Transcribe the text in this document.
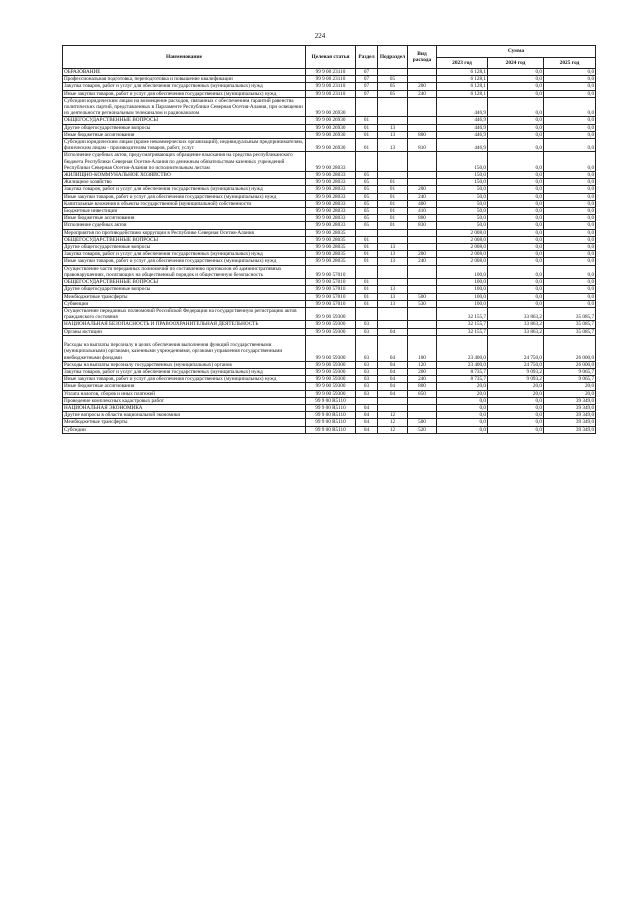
224
Наименование	Целевая статья	Раздел	Подраздел	Вид расхода	Сумма		
					2023 год	2024 год	2025 год
ОБРАЗОВАНИЕ	99 9 00 23110	07			6 128,1	0,0	0,0
Профессиональная подготовка, переподготовка и повышение квалификации	99 9 00 23110	07	05		6 128,1	0,0	0,0
Закупка товаров, работ и услуг для обеспечения государственных (муниципальных) нужд	99 9 00 23110	07	05	200	6 128,1	0,0	0,0
Иные закупки товаров, работ и услуг для обеспечения государственных (муниципальных) нужд	99 9 00 23110	07	05	240	6 128,1	0,0	0,0
Субсидии юридическим лицам на возмещение расходов, связанных с обеспечением гарантий равенства политических партий, представленных в Парламенте Республики Северная Осетия-Алания, при освещении их деятельности региональным телеканалом и радиоканалом	99 9 00 26930				446,9	0,0	0,0
ОБЩЕГОСУДАРСТВЕННЫЕ ВОПРОСЫ	99 9 00 26930	01			446,9	0,0	0,0
Другие общегосударственные вопросы	99 9 00 26930	01	13		446,9	0,0	0,0
Иные бюджетные ассигнования	99 9 00 26930	01	13	800	446,9	0,0	0,0
Субсидии юридическим лицам (кроме некоммерческих организаций), индивидуальным предпринимателям, физическим лицам - производителям товаров, работ, услуг	99 9 00 26930	01	13	810	446,9	0,0	0,0
Исполнение судебных актов, предусматривающих обращение взыскания на средства республиканского бюджета Республики Северная Осетия-Алания по денежным обязательствам казенных учреждений Республики Северная Осетия-Алания по исполнительным листам	99 9 00 28033				150,0	0,0	0,0
ЖИЛИЩНО-КОММУНАЛЬНОЕ ХОЗЯЙСТВО	99 9 00 28033	05			150,0	0,0	0,0
Жилищное хозяйство	99 9 00 28033	05	01		150,0	0,0	0,0
Закупка товаров, работ и услуг для обеспечения государственных (муниципальных) нужд	99 9 00 28033	05	01	200	50,0	0,0	0,0
Иные закупки товаров, работ и услуг для обеспечения государственных (муниципальных) нужд	99 9 00 28033	05	01	240	50,0	0,0	0,0
Капитальные вложения в объекты государственной (муниципальной) собственности	99 9 00 28033	05	01	400	50,0	0,0	0,0
Бюджетные инвестиции	99 9 00 28033	05	01	410	50,0	0,0	0,0
Иные бюджетные ассигнования	99 9 00 28033	05	01	800	50,0	0,0	0,0
Исполнение судебных актов	99 9 00 28033	05	01	830	50,0	0,0	0,0
Мероприятия по противодействию коррупции в Республике Северная Осетия-Алания	99 9 00 28035				2 008,0	0,0	0,0
ОБЩЕГОСУДАРСТВЕННЫЕ ВОПРОСЫ	99 9 00 28035	01			2 008,0	0,0	0,0
Другие общегосударственные вопросы	99 9 00 28035	01	13		2 008,0	0,0	0,0
Закупка товаров, работ и услуг для обеспечения государственных (муниципальных) нужд	99 9 00 28035	01	13	200	2 008,0	0,0	0,0
Иные закупки товаров, работ и услуг для обеспечения государственных (муниципальных) нужд	99 9 00 28035	01	13	240	2 008,0	0,0	0,0
Осуществление части переданных полномочий по составлению протоколов об административных правонарушениях, посягающих на общественный порядок и общественную безопасность	99 9 00 57010				100,0	0,0	0,0
ОБЩЕГОСУДАРСТВЕННЫЕ ВОПРОСЫ	99 9 00 57010	01			100,0	0,0	0,0
Другие общегосударственные вопросы	99 9 00 57010	01	13		100,0	0,0	0,0
Межбюджетные трансферты	99 9 00 57010	01	13	500	100,0	0,0	0,0
Субвенции	99 9 00 57010	01	13	530	100,0	0,0	0,0
Осуществление переданных полномочий Российской Федерации на государственную регистрацию актов гражданского состояния	99 9 00 59300				32 155,7	33 863,2	35 085,7
НАЦИОНАЛЬНАЯ БЕЗОПАСНОСТЬ И ПРАВООХРАНИТЕЛЬНАЯ ДЕЯТЕЛЬНОСТЬ	99 9 00 59300	03			32 155,7	33 863,2	35 085,7
Органы юстиции	99 9 00 59300	03	04		32 155,7	33 863,2	35 085,7
Расходы на выплаты персоналу в целях обеспечения выполнения функций государственными (муниципальными) органами, казенными учреждениями, органами управления государственными внебюджетными фондами	99 9 00 59300	03	04	100	23 400,0	24 750,0	26 000,0
Расходы на выплаты персоналу государственных (муниципальных) органов	99 9 00 59300	03	04	120	23 400,0	24 750,0	26 000,0
Закупка товаров, работ и услуг для обеспечения государственных (муниципальных) нужд	99 9 00 59300	03	04	200	8 735,7	9 093,2	9 065,7
Иные закупки товаров, работ и услуг для обеспечения государственных (муниципальных) нужд	99 9 00 59300	03	04	240	8 735,7	9 093,2	9 065,7
Иные бюджетные ассигнования	99 9 00 59300	03	04	800	20,0	20,0	20,0
Уплата налогов, сборов и иных платежей	99 9 00 59300	03	04	850	20,0	20,0	20,0
Проведение комплексных кадастровых работ	99 9 00 R5110				0,0	0,0	39 349,0
НАЦИОНАЛЬНАЯ ЭКОНОМИКА	99 9 00 R5110	04			0,0	0,0	39 349,0
Другие вопросы в области национальной экономики	99 9 00 R5110	04	12		0,0	0,0	39 349,0
Межбюджетные трансферты	99 9 00 R5110	04	12	500	0,0	0,0	39 349,0
Субсидии	99 9 00 R5110	04	12	520	0,0	0,0	39 349,0
